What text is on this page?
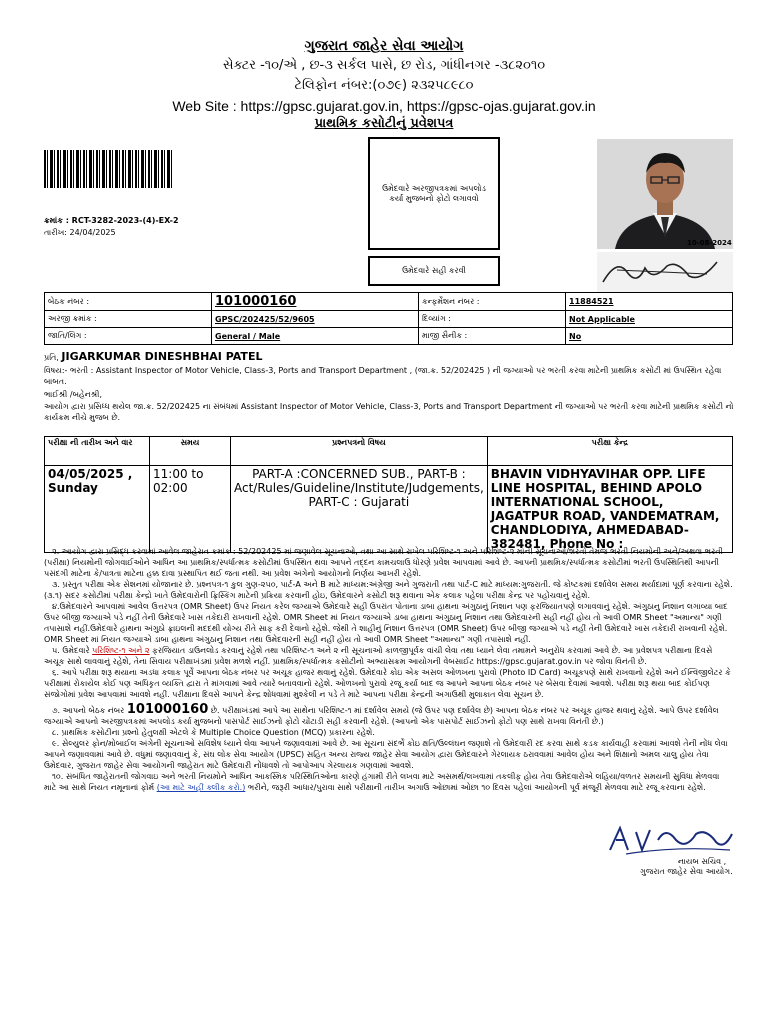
ગુજરાત જાહેર સેવા આયોગ
સેક્ટર -૧૦/એ , છ-૩ સર્કલ પાસે, છ રોડ, ગાંધીનગર -૩૮૨૦૧૦
ટેલિફોન નંબર:(૦૭૯) ૨૩૨૫૮૯૮૦
Web Site : https://gpsc.gujarat.gov.in, https://gpsc-ojas.gujarat.gov.in
પ્રાથમિક કસોટીનું પ્રવેશપત્ર
ક્રમાંક : RCT-3282-2023-(4)-EX-2
તારીખ: 24/04/2025
ઉમેદવારે અરજીપત્રકમાં અપલોડ કર્યા મુજબનો ફોટો લગાવવો
ઉમેદવારે સહી કરવી
10-08-2024
બેઠક નંબર :	101000160	કન્ફર્મેશન નંબર :	11884521
અરજી ક્રમાંક :	GPSC/202425/52/9605	દિવ્યાંગ :	Not Applicable
જાતિ/લિંગ :	General / Male	માજી સૈનીક :	No
પ્રતિ, JIGARKUMAR DINESHBHAI PATEL
વિષય:- ભરતી : Assistant Inspector of Motor Vehicle, Class-3, Ports and Transport Department , (જા.ક્ર. 52/202425 ) ની જગ્યાઓ પર ભરતી કરવા માટેની પ્રાથમિક કસોટી માં ઉપસ્થિત રહેવા બાબત.
ભાઈશ્રી /બહેનશ્રી,
આયોગ દ્વારા પ્રસિધ્ધ થયેલ જા.ક્ર. 52/202425 ના સંબંધમાં Assistant Inspector of Motor Vehicle, Class-3, Ports and Transport Department ની જગ્યાઓ પર ભરતી કરવા માટેની પ્રાથમિક કસોટી નો કાર્યક્રમ નીચે મુજબ છે.
પરીક્ષા ની તારીખ અને વાર	સમય	પ્રશ્નપત્રનો વિષય	પરીક્ષા કેન્દ્ર
04/05/2025 , Sunday	11:00 to 02:00	PART-A :CONCERNED SUB., PART-B : Act/Rules/Guideline/Institute/Judgements, PART-C : Gujarati	BHAVIN VIDHYAVIHAR OPP. LIFE LINE HOSPITAL, BEHIND APOLO INTERNATIONAL SCHOOL, JAGATPUR ROAD, VANDEMATRAM, CHANDLODIYA, AHMEDABAD-382481, Phone No :

૨. આયોગ દ્વારા પ્રસિદ્ધ કરવામાં આવેલ જાહેરાત ક્રમાંક : 52/202425 માં જણાવેલ સૂચનાઓ, તથા આ સાથે રાખેલ પરિશિષ્ટ-૧ અને પરિશિષ્ટ-૨ માંની સૂચનાઓ/શરતો તેમજ ભરતી નિયમોની અને/અથવા ભરતી (પરીક્ષા) નિયમોની જોગવાઈઓને આધિન આ પ્રાથમિક/સ્પર્ધાત્મક કસોટીમાં ઉપસ્થિત થવા આપને તદ્દન કામચલાઉ ધોરણે પ્રવેશ આપવામાં આવે છે. આપની પ્રાથમિક/સ્પર્ધાત્મક કસોટીમાં ભરતી ઉપસ્થિતિથી આપની પસંદગી માટેના કે/પાત્રતા માટેના હક્ક દાવા પ્રસ્થાપિત થઈ જતા નથી. આ પ્રવેશ અંગેનો આયોગનો નિર્ણય આખરી રહેશે.

૩. પ્રસ્તુત પરીક્ષા એક સેશનમાં યોજાનાર છે. પ્રશ્નપત્ર-૧ કુલ ગુણ-૨૫૦, પાર્ટ-A અને B માટે માધ્યમ:અંગ્રેજી અને ગુજરાતી તથા પાર્ટ-C માટે માધ્યમ:ગુજરાતી. જે કોષ્ટકમાં દર્શાવેલ સમય મર્યાદામાં પૂર્ણ કરવાના રહેશે. (૩.૧) સદર કસોટીમાં પરીક્ષા કેન્દ્રો ખાતે ઉમેદવારોની ફ્રિસ્કિંગ માટેની પ્રક્રિયા કરવાની હોઇ, ઉમેદવારને કસોટી શરૂ થવાના એક કલાક પહેલા પરીક્ષા કેન્દ્ર પર પહોંચવાનું રહેશે.

૪.ઉમેદવારને આપવામાં આવેલ ઉત્તરપત્ર (OMR Sheet) ઉપર નિયત કરેલ જગ્યાએ ઉમેદવારે સહી ઉપરાંત પોતાના ડાબા હાથના અંગુઠાનું નિશાન પણ ફરજિયાતપણે લગાવવાનું રહેશે. અંગુઠાનુ નિશાન લગાવ્યા બાદ ઉપર બીજી જગ્યાએ પડે નહીં તેની ઉમેદવારે ખાસ તકેદારી રાખવાની રહેશે. OMR Sheet માં નિયત જગ્યાએ ડાબા હાથના અંગુઠાનુ નિશાન તથા ઉમેદવારની સહી નહીં હોય તો આવી OMR Sheet "અમાન્ય" ગણી તપાસાશે નહીં.ઉમેદવારે હાથના અંગુઠો ફ્રાઇલની મદદથી યોગ્ય રીતે સાફ કરી દેવાનો રહેશે. જેથી તે શાહીનું નિશાન ઉત્તરપત્ર (OMR Sheet) ઉપર બીજી જગ્યાએ પડે નહીં તેની ઉમેદવારે ખાસ તકેદારી રાખવાની રહેશે. OMR Sheet માં નિયત જગ્યાએ ડાબા હાથના અંગુઠાનુ નિશાન તથા ઉમેદવારની સહી નહીં હોય તો આવી OMR Sheet "અમાન્ય" ગણી તપાસાશે નહીં.

૫. ઉમેદવારે પરિશિષ્ટ-૧ અને ૨ ફરજિયાત ડાઉનલોડ કરવાનું રહેશે તથા પરિશિષ્ટ-૧ અને ૨ ની સૂચનાઓ કાળજીપૂર્વક વાંચી લેવા તથા ધ્યાને લેવા તમામને અનુરોધ કરવામાં આવે છે. આ પ્રવેશપત્ર પરીક્ષાના દિવસે અચૂક સાથે લાવવાનું રહેશે, તેના સિવાય પરીક્ષાખંડમાં પ્રવેશ મળશે નહીં. પ્રાથમિક/સ્પર્ધાત્મક કસોટીનો અભ્યાસક્રમ આયોગની વેબસાઈટ https://gpsc.gujarat.gov.in પર જોવા વિનંતી છે.

૬. આપે પરીક્ષા શરૂ થયાના અડધા કલાક પૂર્વે આપના બેઠક નંબર પર અચૂક હાજર થવાનું રહેશે. ઉમેદવારે કોઇ એક અસલ ઓળખના પુરાવો (Photo ID Card) અચૂકપણે સાથે રાખવાનો રહેશે અને ઈન્વિજીલેટર કે પરીક્ષામાં રોકાયેલ કોઈ પણ અધિકૃત વ્યક્તિ દ્વારા તે માંગવામાં આવે ત્યારે બતાવવાનો રહેશે. ઓળખનો પુરાવો રજૂ કર્યા બાદ જ આપને આપના બેઠક નંબર પર બેસવા દેવામાં આવશે. પરીક્ષા શરૂ થયા બાદ કોઈપણ સંજોગોમાં પ્રવેશ આપવામાં આવશે નહીં. પરીક્ષાના દિવસે આપને કેન્દ્ર શોધવામાં મુશ્કેલી ન પડે તે માટે આપના પરીક્ષા કેન્દ્રની અગાઉથી મુલાકાત લેવા સૂચન છે.

૭. આપનો બેઠક નંબર 101000160 છે. પરીક્ષાખંડમાં આપે આ સાથેના પરિશિષ્ટ-૧ માં દર્શાવેલ સમયે (જે ઉપર પણ દર્શાવેલ છે) આપના બેઠક નંબર પર અચૂક હાજર થવાનું રહેશે. આપે ઉપર દર્શાવેલ જગ્યાએ આપનો અરજીપત્રકમાં અપલોડ કર્યા મુજબનો પાસપોર્ટ સાઈઝનો ફોટો ચોંટાડી સહી કરવાની રહેશે. (આપનો એક પાસપોર્ટ સાઈઝનો ફોટો પણ સાથે રાખવા વિનંતી છે.)

૮. પ્રાથમિક કસોટીના પ્રશ્નો હેતુલક્ષી એટલે કે Multiple Choice Question (MCQ) પ્રકારના રહેશે.

૯. સેલ્યુલર ફોન/મોબાઈલ અંગેની સૂચનાઓ સવિશેષ ધ્યાને લેવા આપને જણાવવામાં આવે છે. આ સૂચના સંદર્ભે કોઇ ક્ષતિ/ઉલ્લંઘન જણાશે તો ઉમેદવારી રદ કરવા સાથે કડક કાર્યવાહી કરવામાં આવશે તેની નોંધ લેવા આપને જણાવવામાં આવે છે. વધુમાં જણાવવાનું કે, સંઘ લોક સેવા આયોગ (UPSC) સહિત અન્ય રાજ્ય જાહેર સેવા આયોગ દ્વારા ઉમેદવારને ગેરલાયક ઠરાવવામાં આવેલ હોય અને શિક્ષાનો અમલ ચાલુ હોય તેવા ઉમેદવાર, ગુજરાત જાહેર સેવા આયોગની જાહેરાત માટે ઉમેદવારી નોંધાવશે તો આપોઆપ ગેરલાયક ગણવામાં આવશે.

૧૦. સંબંધિત જાહેરાતની જોગવાઇ અને ભરતી નિયમોને આધિન આકસ્મિક પરિસ્થિતિઓના કારણે હંગામી રીતે લખવા માટે અસમર્થ/લખવામાં તકલીફ હોય તેવા ઉમેદવારોએ લહિયા/વળતર સમયની સુવિધા મેળવવા માટે આ સાથે નિયત નમૂનાનાં ફોર્મ (આ માટે અહીં ક્લીક કરો.) ભરીને, જરૂરી આધાર/પુરાવા સાથે પરીક્ષાની તારીખ અગાઉ ઓછામાં ઓછા ૧૦ દિવસ પહેલાં આયોગની પૂર્વ મંજૂરી મેળવવા માટે રજૂ કરવાના રહેશે.

નાયબ સચિવ ,
ગુજરાત જાહેર સેવા આયોગ.
